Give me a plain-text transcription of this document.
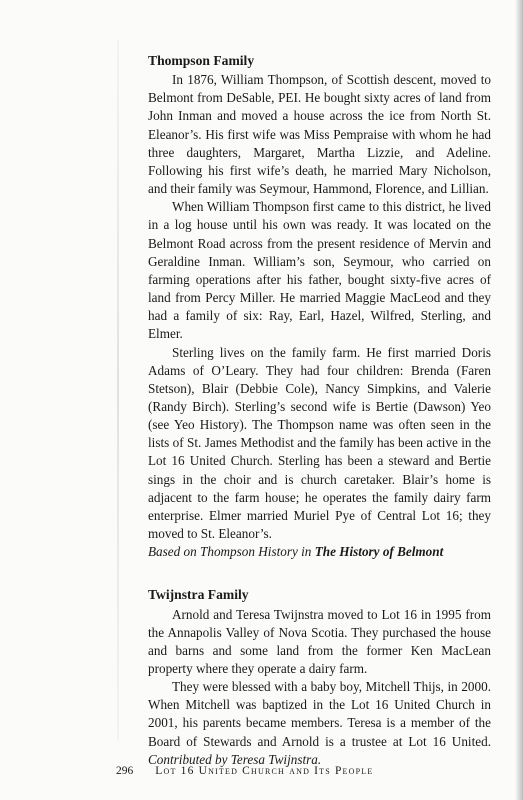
Thompson Family

In 1876, William Thompson, of Scottish descent, moved to Belmont from DeSable, PEI. He bought sixty acres of land from John Inman and moved a house across the ice from North St. Eleanor’s. His first wife was Miss Pempraise with whom he had three daughters, Margaret, Martha Lizzie, and Adeline. Following his first wife’s death, he married Mary Nicholson, and their family was Seymour, Hammond, Florence, and Lillian.

When William Thompson first came to this district, he lived in a log house until his own was ready. It was located on the Belmont Road across from the present residence of Mervin and Geraldine Inman. William’s son, Seymour, who carried on farming operations after his father, bought sixty-five acres of land from Percy Miller. He married Maggie MacLeod and they had a family of six: Ray, Earl, Hazel, Wilfred, Sterling, and Elmer.

Sterling lives on the family farm. He first married Doris Adams of O’Leary. They had four children: Brenda (Faren Stetson), Blair (Debbie Cole), Nancy Simpkins, and Valerie (Randy Birch). Sterling’s second wife is Bertie (Dawson) Yeo (see Yeo History). The Thompson name was often seen in the lists of St. James Methodist and the family has been active in the Lot 16 United Church. Sterling has been a steward and Bertie sings in the choir and is church caretaker. Blair’s home is adjacent to the farm house; he operates the family dairy farm enterprise. Elmer married Muriel Pye of Central Lot 16; they moved to St. Eleanor’s.

Based on Thompson History in The History of Belmont

Twijnstra Family

Arnold and Teresa Twijnstra moved to Lot 16 in 1995 from the Annapolis Valley of Nova Scotia. They purchased the house and barns and some land from the former Ken MacLean property where they operate a dairy farm.

They were blessed with a baby boy, Mitchell Thijs, in 2000. When Mitchell was baptized in the Lot 16 United Church in 2001, his parents became members. Teresa is a member of the Board of Stewards and Arnold is a trustee at Lot 16 United. Contributed by Teresa Twijnstra.

296 Lot 16 United Church and Its People
